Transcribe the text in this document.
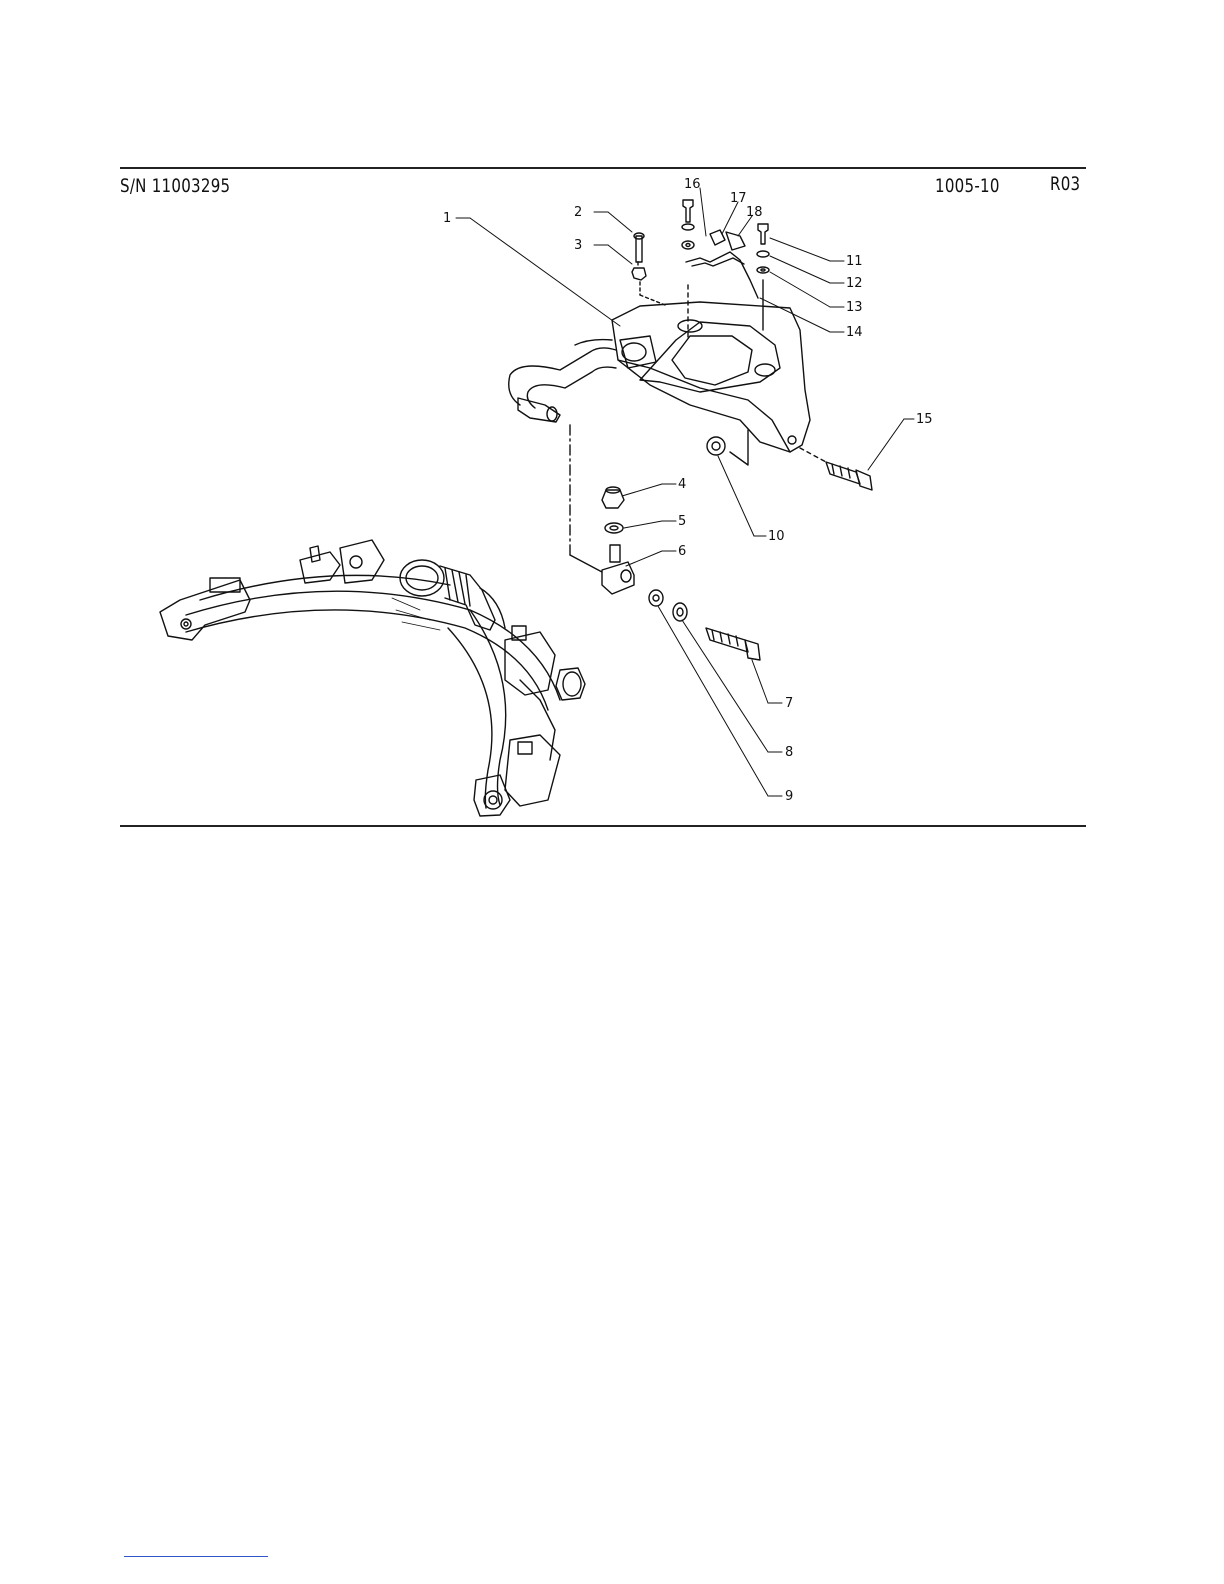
S/N 11003295	1005-10	R03
1	2
3
4
5
6
7
8
9
10
11
12
13
14
15
16
17
18
